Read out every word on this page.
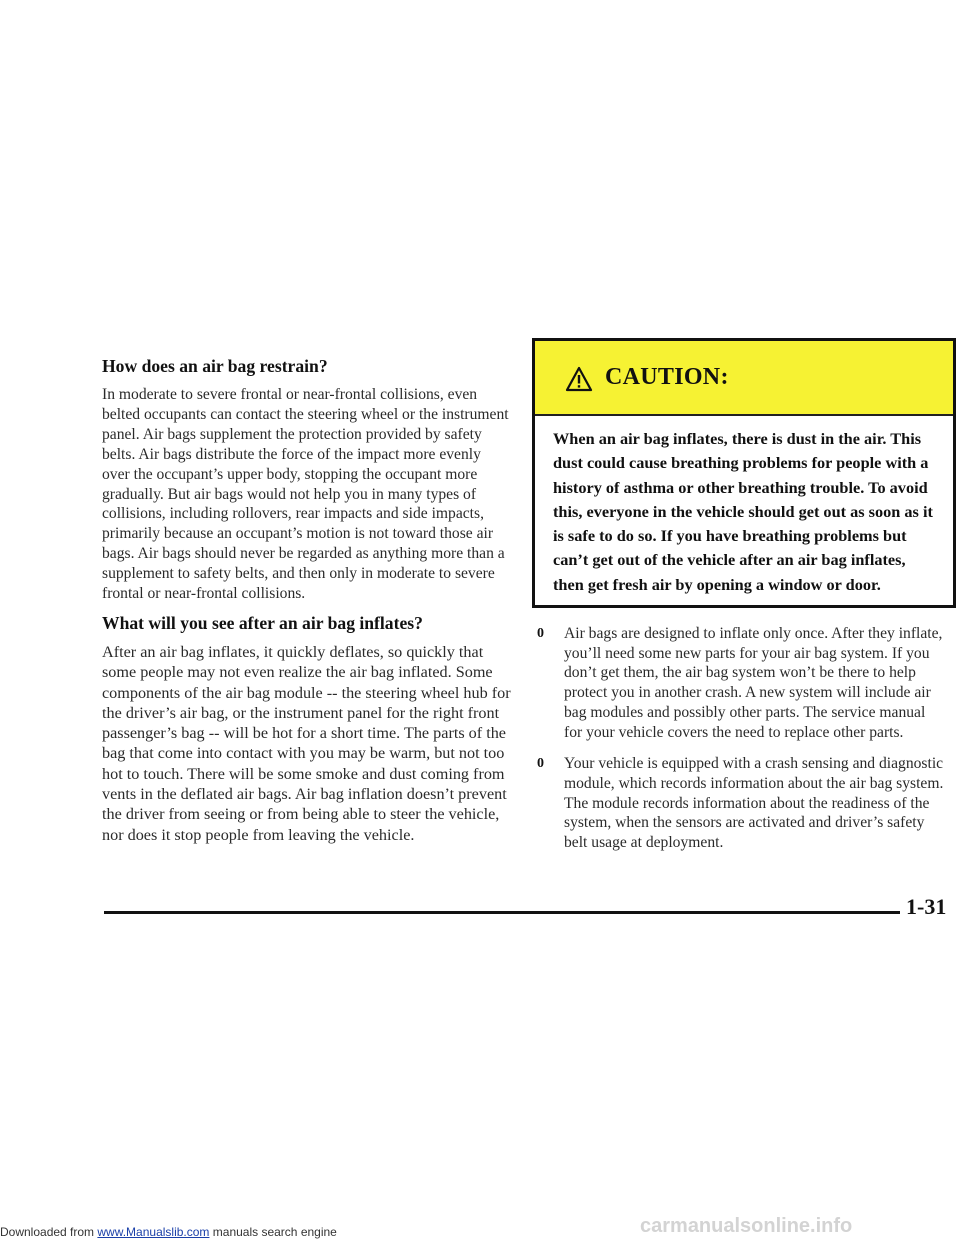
How does an air bag restrain?

In moderate to severe frontal or near-frontal collisions, even belted occupants can contact the steering wheel or the instrument panel. Air bags supplement the protection provided by safety belts. Air bags distribute the force of the impact more evenly over the occupant’s upper body, stopping the occupant more gradually. But air bags would not help you in many types of collisions, including rollovers, rear impacts and side impacts, primarily because an occupant’s motion is not toward those air bags. Air bags should never be regarded as anything more than a supplement to safety belts, and then only in moderate to severe frontal or near-frontal collisions.

What will you see after an air bag inflates?

After an air bag inflates, it quickly deflates, so quickly that some people may not even realize the air bag inflated. Some components of the air bag module -- the steering wheel hub for the driver’s air bag, or the instrument panel for the right front passenger’s bag -- will be hot for a short time. The parts of the bag that come into contact with you may be warm, but not too hot to touch. There will be some smoke and dust coming from vents in the deflated air bags. Air bag inflation doesn’t prevent the driver from seeing or from being able to steer the vehicle, nor does it stop people from leaving the vehicle.

CAUTION:

When an air bag inflates, there is dust in the air. This dust could cause breathing problems for people with a history of asthma or other breathing trouble. To avoid this, everyone in the vehicle should get out as soon as it is safe to do so. If you have breathing problems but can’t get out of the vehicle after an air bag inflates, then get fresh air by opening a window or door.

0 Air bags are designed to inflate only once. After they inflate, you’ll need some new parts for your air bag system. If you don’t get them, the air bag system won’t be there to help protect you in another crash. A new system will include air bag modules and possibly other parts. The service manual for your vehicle covers the need to replace other parts.
0 Your vehicle is equipped with a crash sensing and diagnostic module, which records information about the air bag system. The module records information about the readiness of the system, when the sensors are activated and driver’s safety belt usage at deployment.
1-31
Downloaded from www.Manualslib.com manuals search engine	carmanualsonline.info
